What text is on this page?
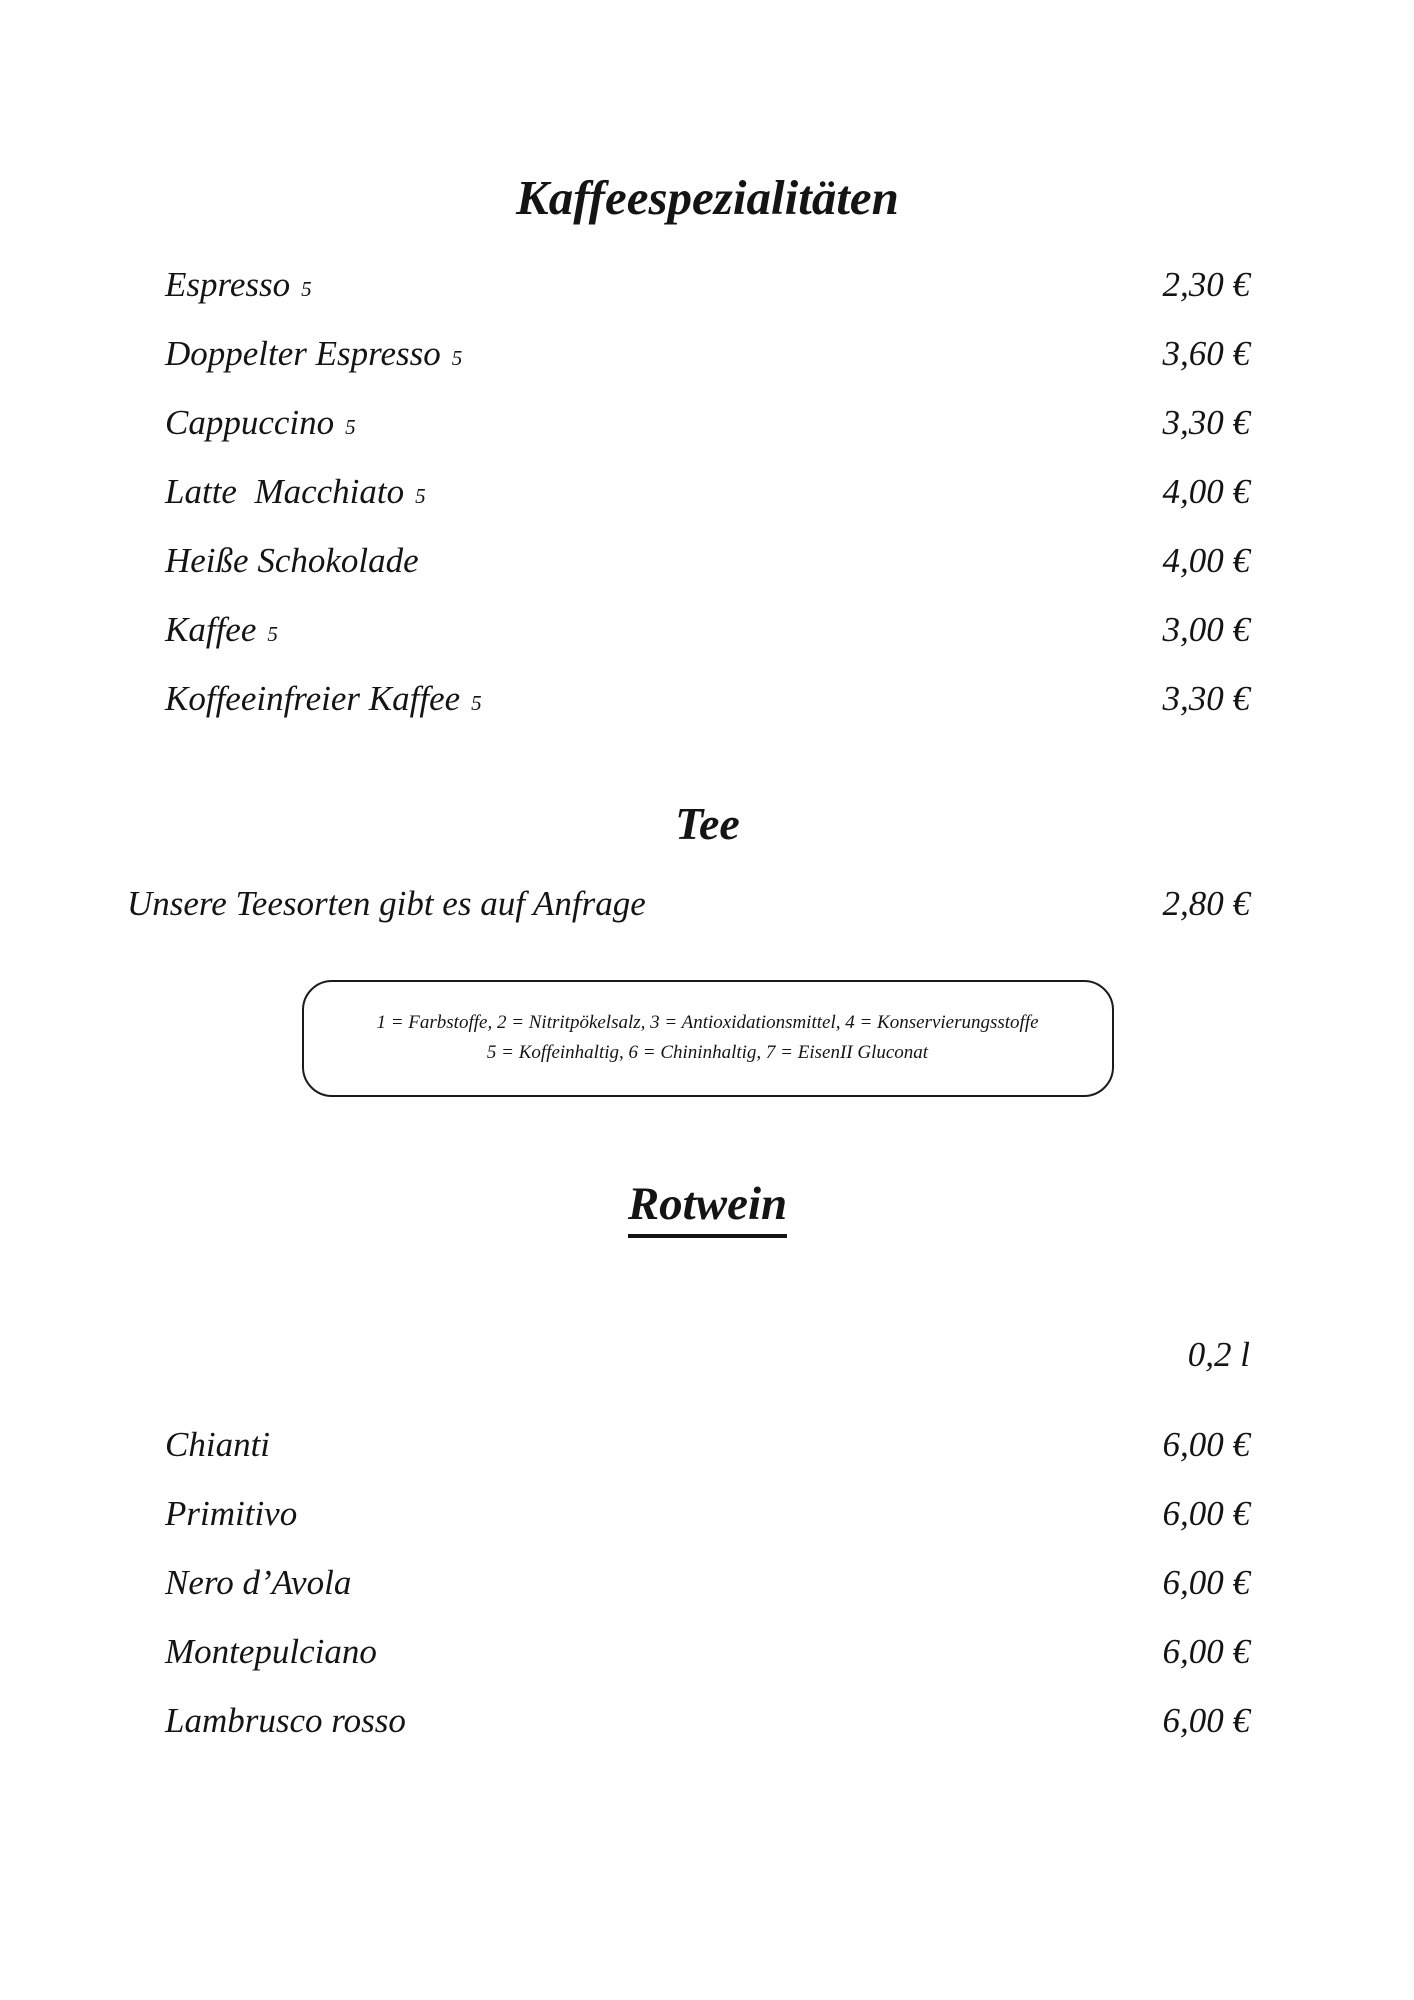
Kaffeespezialitäten
Espresso 5	2,30 €
Doppelter Espresso 5	3,60 €
Cappuccino 5	3,30 €
Latte  Macchiato 5	4,00 €
Heiße Schokolade	4,00 €
Kaffee 5	3,00 €
Koffeeinfreier Kaffee 5	3,30 €
Tee
Unsere Teesorten gibt es auf Anfrage	2,80 €
1 = Farbstoffe, 2 = Nitritpökelsalz, 3 = Antioxidationsmittel, 4 = Konservierungsstoffe
5 = Koffeinhaltig, 6 = Chininhaltig, 7 = EisenII Gluconat
Rotwein
0,2 l
Chianti	6,00 €
Primitivo	6,00 €
Nero d’Avola	6,00 €
Montepulciano	6,00 €
Lambrusco rosso	6,00 €
